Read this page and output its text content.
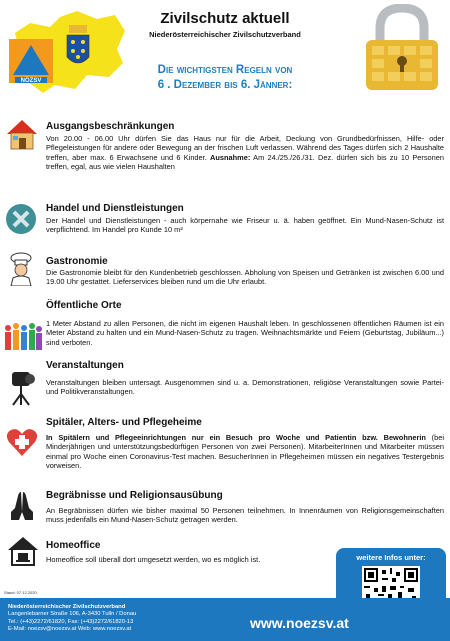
NÖZSV
Zivilschutz aktuell
Niederösterreichischer Zivilschutzverband
Die wichtigsten Regeln von
6 . Dezember bis 6. Jänner:
Ausgangsbeschränkungen
Von 20.00 - 06.00 Uhr dürfen Sie das Haus nur für die Arbeit, Deckung von Grundbedürfnissen, Hilfe- oder Pflegeleistungen für andere oder Bewegung an der frischen Luft verlassen. Während des Tages dürfen sich 2 Haushalte treffen, aber max. 6 Erwachsene und 6 Kinder. Ausnahme: Am 24./25./26./31. Dez. dürfen sich bis zu 10 Personen treffen, egal, aus wie vielen Haushalten
Handel und Dienstleistungen
Der Handel und Dienstleistungen - auch körpernahe wie Friseur u. ä. haben geöffnet. Ein Mund-Nasen-Schutz ist verpflichtend. Im Handel pro Kunde 10 m²
Gastronomie
Die Gastronomie bleibt für den Kundenbetrieb geschlossen. Abholung von Speisen und Getränken ist zwischen 6.00 und 19.00 Uhr gestattet. Lieferservices bleiben rund um die Uhr erlaubt.
Öffentliche Orte
1 Meter Abstand zu allen Personen, die nicht im eigenen Haushalt leben. In geschlossenen öffentlichen Räumen ist ein Meter Abstand zu halten und ein Mund-Nasen-Schutz zu tragen. Weihnachtsmärkte und Feiern (Geburtstag, Jubiläum...) sind verboten.
Veranstaltungen
Veranstaltungen bleiben untersagt. Ausgenommen sind u. a. Demonstrationen, religiöse Veranstaltungen sowie Partei- und Politikveranstaltungen.
Spitäler, Alters- und Pflegeheime
In Spitälern und Pflegeeinrichtungen nur ein Besuch pro Woche und Patientin bzw. Bewohnerin (bei Minderjährigen und unterstützungsbedürftigen Personen von zwei Personen). MitarbeiterInnen und Mitarbeiter müssen einmal pro Woche einen Coronavirus-Test machen. BesucherInnen in Pflegeheimen müssen ein negatives Testergebnis vorweisen.
Begräbnisse und Religionsausübung
An Begräbnissen dürfen wie bisher maximal 50 Personen teilnehmen. In Innenräumen von Religionsgemeinschaften muss jedenfalls ein Mund-Nasen-Schutz getragen werden.
Homeoffice
Homeoffice soll überall dort umgesetzt werden, wo es möglich ist.
Stand: 07.12.2020
weitere Infos unter:
Niederösterreichischer Zivilschutzverband
Langenlebarner Straße 106, A-3430 Tulln / Donau
Tel.: (+43)2272/61820, Fax: (+43)2272/61820-13
E-Mail: noezsv@noezsv.at Web: www.noezsv.at	www.noezsv.at
